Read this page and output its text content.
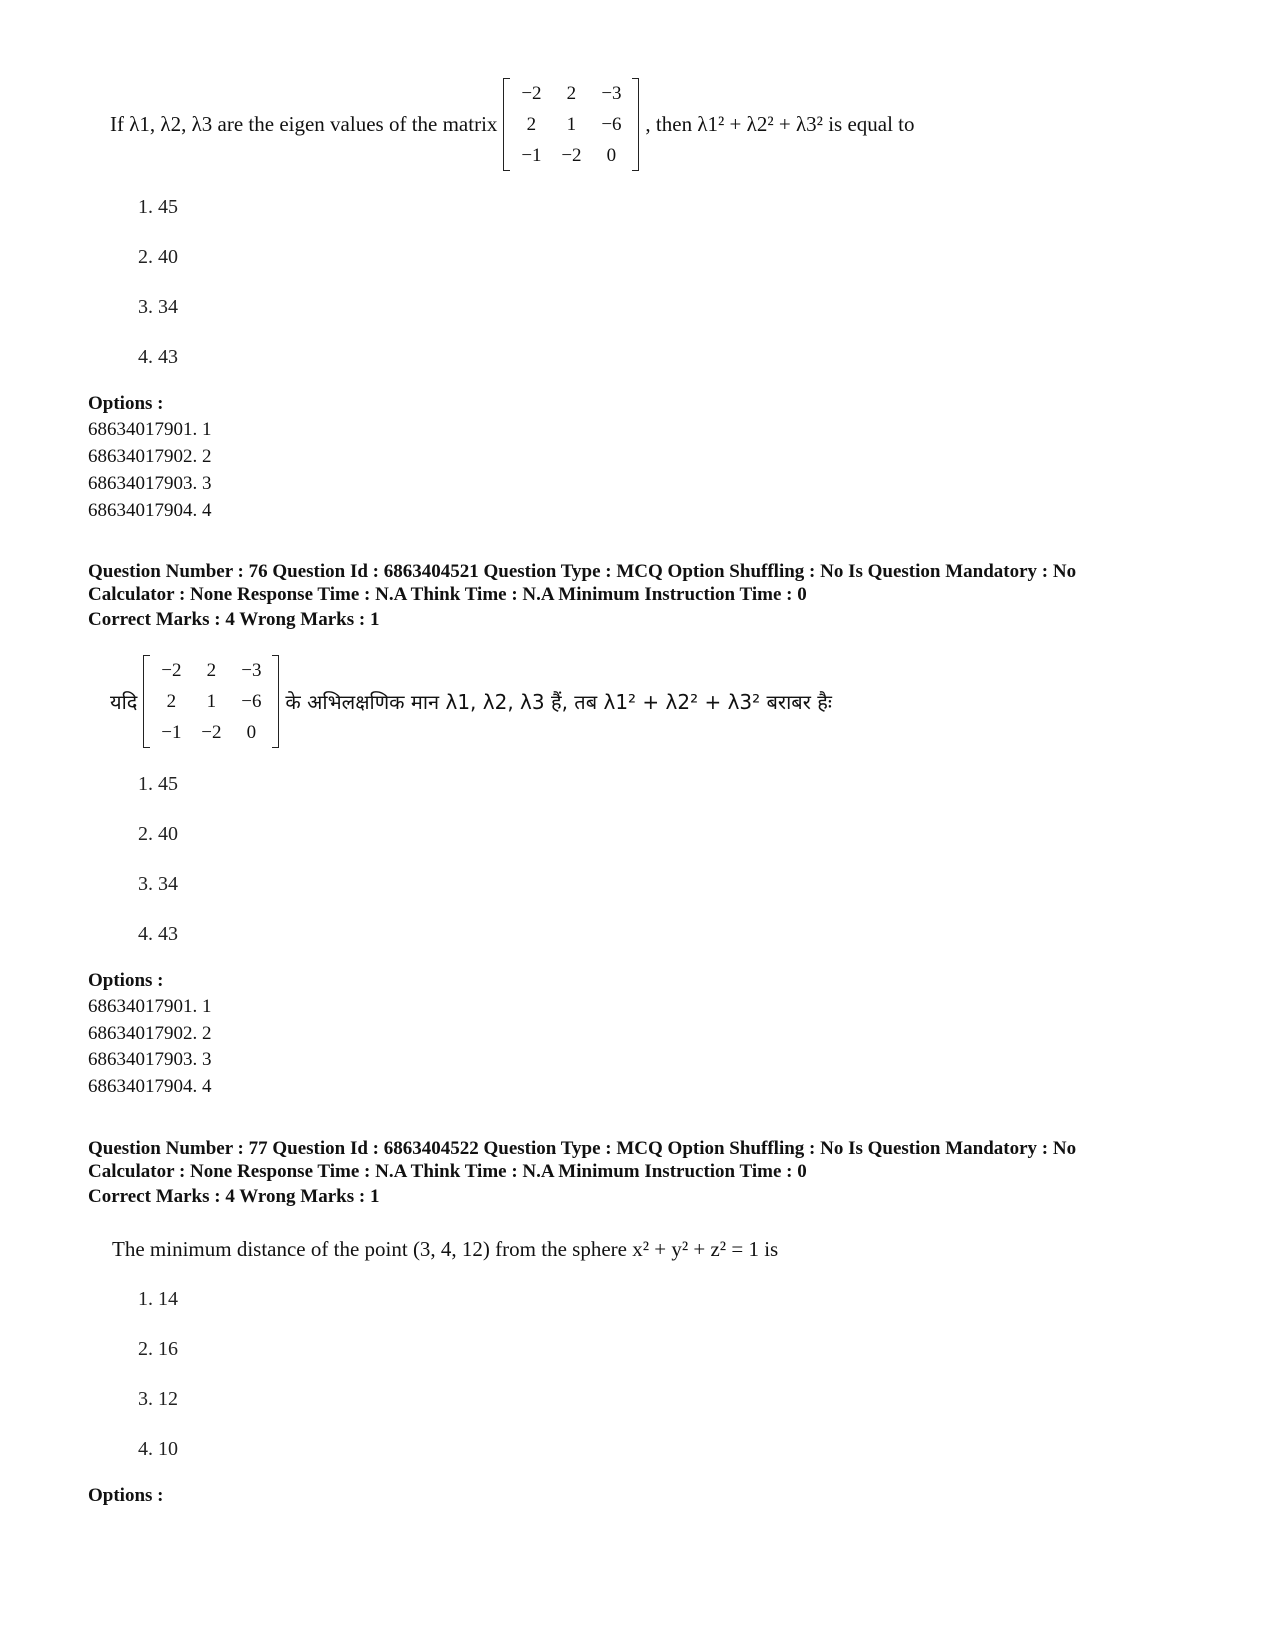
If λ1, λ2, λ3 are the eigen values of the matrix
−2	2	−3
2	1	−6
−1	−2	0
, then λ1² + λ2² + λ3² is equal to
1. 45
2. 40
3. 34
4. 43
Options :
68634017901. 1
68634017902. 2
68634017903. 3
68634017904. 4
Question Number : 76 Question Id : 6863404521 Question Type : MCQ Option Shuffling : No Is Question Mandatory : No
Calculator : None Response Time : N.A Think Time : N.A Minimum Instruction Time : 0
Correct Marks : 4 Wrong Marks : 1
यदि
−2	2	−3
2	1	−6
−1	−2	0
के अभिलक्षणिक मान λ1, λ2, λ3 हैं, तब λ1² + λ2² + λ3² बराबर हैः
1. 45
2. 40
3. 34
4. 43
Options :
68634017901. 1
68634017902. 2
68634017903. 3
68634017904. 4
Question Number : 77 Question Id : 6863404522 Question Type : MCQ Option Shuffling : No Is Question Mandatory : No
Calculator : None Response Time : N.A Think Time : N.A Minimum Instruction Time : 0
Correct Marks : 4 Wrong Marks : 1
The minimum distance of the point (3, 4, 12) from the sphere x² + y² + z² = 1 is
1. 14
2. 16
3. 12
4. 10
Options :
